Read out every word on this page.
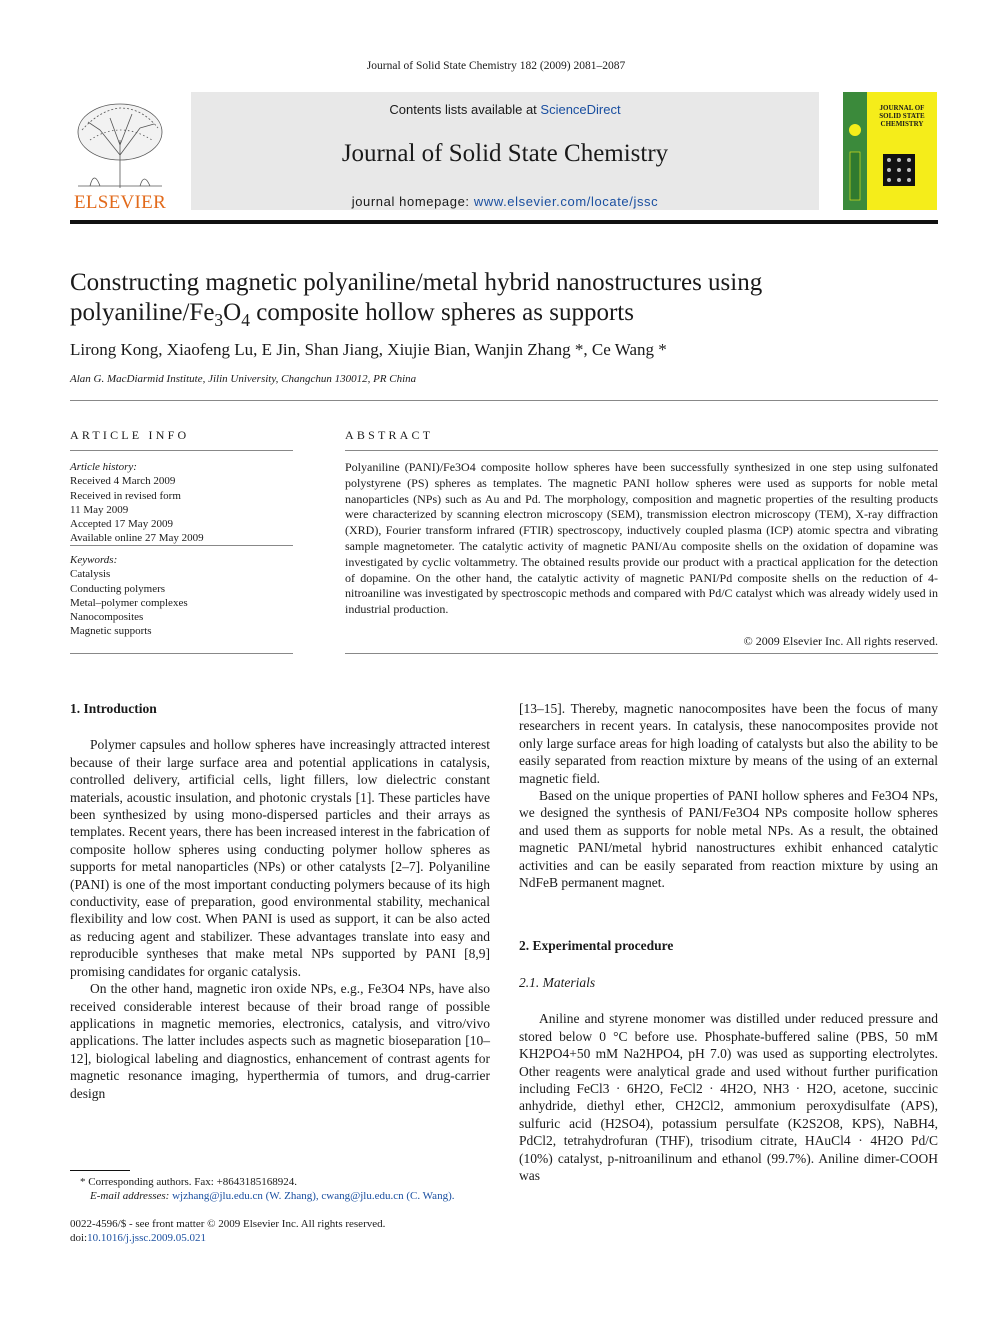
Journal of Solid State Chemistry 182 (2009) 2081–2087
Contents lists available at ScienceDirect
Journal of Solid State Chemistry
journal homepage: www.elsevier.com/locate/jssc
ELSEVIER
JOURNAL OF SOLID STATE CHEMISTRY
Constructing magnetic polyaniline/metal hybrid nanostructures using
polyaniline/$Fe_3O_4$ composite hollow spheres as supports
Lirong Kong, Xiaofeng Lu, E Jin, Shan Jiang, Xiujie Bian, Wanjin Zhang *, Ce Wang *
Alan G. MacDiarmid Institute, Jilin University, Changchun 130012, PR China
ARTICLE INFO
Article history:
Received 4 March 2009
Received in revised form
11 May 2009
Accepted 17 May 2009
Available online 27 May 2009
Keywords:
Catalysis
Conducting polymers
Metal–polymer complexes
Nanocomposites
Magnetic supports
ABSTRACT
Polyaniline (PANI)/Fe3O4 composite hollow spheres have been successfully synthesized in one step using sulfonated polystyrene (PS) spheres as templates. The magnetic PANI hollow spheres were used as supports for noble metal nanoparticles (NPs) such as Au and Pd. The morphology, composition and magnetic properties of the resulting products were characterized by scanning electron microscopy (SEM), transmission electron microscopy (TEM), X-ray diffraction (XRD), Fourier transform infrared (FTIR) spectroscopy, inductively coupled plasma (ICP) atomic spectra and vibrating sample magnetometer. The catalytic activity of magnetic PANI/Au composite shells on the oxidation of dopamine was investigated by cyclic voltammetry. The obtained results provide our product with a practical application for the detection of dopamine. On the other hand, the catalytic activity of magnetic PANI/Pd composite shells on the reduction of 4-nitroaniline was investigated by spectroscopic methods and compared with Pd/C catalyst which was already widely used in industrial production.
© 2009 Elsevier Inc. All rights reserved.

1. Introduction

Polymer capsules and hollow spheres have increasingly attracted interest because of their large surface area and potential applications in catalysis, controlled delivery, artificial cells, light fillers, low dielectric constant materials, acoustic insulation, and photonic crystals [1]. These particles have been synthesized by using mono-dispersed particles and their arrays as templates. Recent years, there has been increased interest in the fabrication of composite hollow spheres using conducting polymer hollow spheres as supports for metal nanoparticles (NPs) or other catalysts [2–7]. Polyaniline (PANI) is one of the most important conducting polymers because of its high conductivity, ease of preparation, good environmental stability, mechanical flexibility and low cost. When PANI is used as support, it can be also acted as reducing agent and stabilizer. These advantages translate into easy and reproducible syntheses that make metal NPs supported by PANI [8,9] promising candidates for organic catalysis.

On the other hand, magnetic iron oxide NPs, e.g., Fe3O4 NPs, have also received considerable interest because of their broad range of possible applications in magnetic memories, electronics, catalysis, and vitro/vivo applications. The latter includes aspects such as magnetic bioseparation [10–12], biological labeling and diagnostics, enhancement of contrast agents for magnetic resonance imaging, hyperthermia of tumors, and drug-carrier design

[13–15]. Thereby, magnetic nanocomposites have been the focus of many researchers in recent years. In catalysis, these nanocomposites provide not only large surface areas for high loading of catalysts but also the ability to be easily separated from reaction mixture by means of the using of an external magnetic field.

Based on the unique properties of PANI hollow spheres and Fe3O4 NPs, we designed the synthesis of PANI/Fe3O4 NPs composite hollow spheres and used them as supports for noble metal NPs. As a result, the obtained magnetic PANI/metal hybrid nanostructures exhibit enhanced catalytic activities and can be easily separated from reaction mixture by using an NdFeB permanent magnet.

2. Experimental procedure

2.1. Materials

Aniline and styrene monomer was distilled under reduced pressure and stored below 0 °C before use. Phosphate-buffered saline (PBS, 50 mM KH2PO4+50 mM Na2HPO4, pH 7.0) was used as supporting electrolytes. Other reagents were analytical grade and used without further purification including FeCl3 · 6H2O, FeCl2 · 4H2O, NH3 · H2O, acetone, succinic anhydride, diethyl ether, CH2Cl2, ammonium peroxydisulfate (APS), sulfuric acid (H2SO4), potassium persulfate (K2S2O8, KPS), NaBH4, PdCl2, tetrahydrofuran (THF), trisodium citrate, HAuCl4 · 4H2O Pd/C (10%) catalyst, p-nitroanilinum and ethanol (99.7%). Aniline dimer-COOH was

* Corresponding authors. Fax: +8643185168924.
E-mail addresses: wjzhang@jlu.edu.cn (W. Zhang), cwang@jlu.edu.cn (C. Wang).
0022-4596/$ - see front matter © 2009 Elsevier Inc. All rights reserved.
doi:10.1016/j.jssc.2009.05.021
